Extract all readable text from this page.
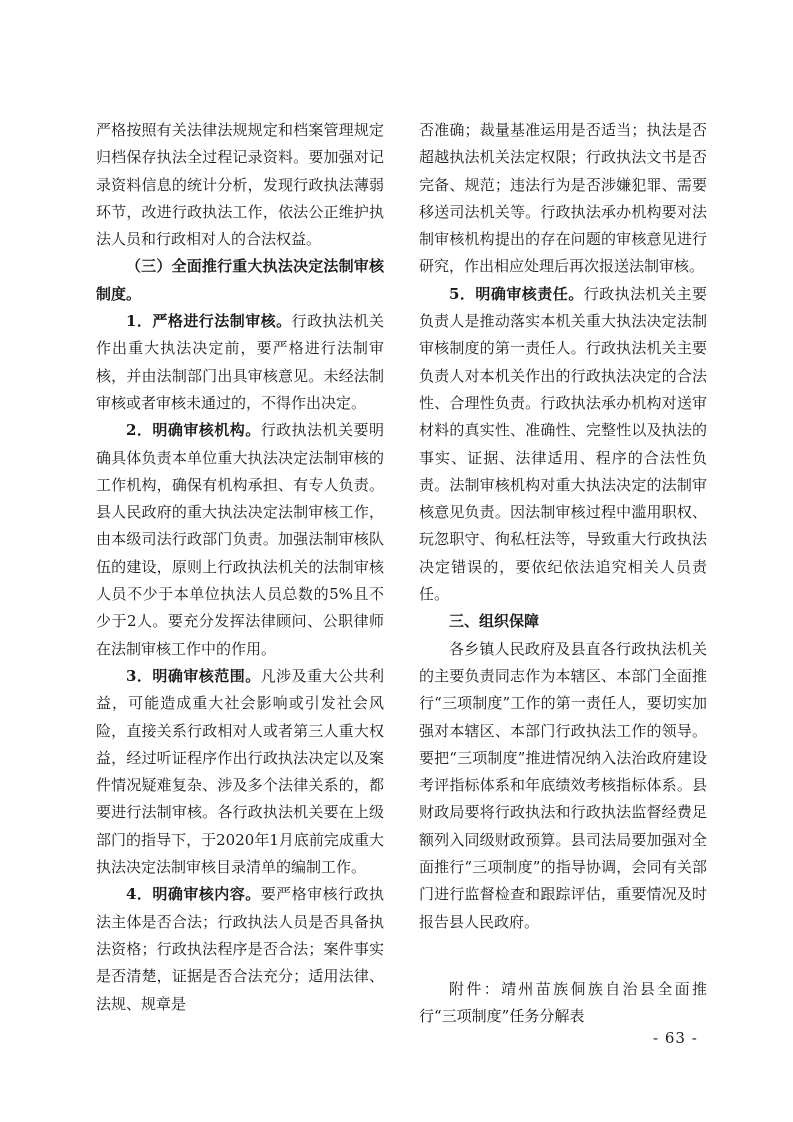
严格按照有关法律法规规定和档案管理规定归档保存执法全过程记录资料。要加强对记录资料信息的统计分析，发现行政执法薄弱环节，改进行政执法工作，依法公正维护执法人员和行政相对人的合法权益。

（三）全面推行重大执法决定法制审核制度。

1．严格进行法制审核。行政执法机关作出重大执法决定前，要严格进行法制审核，并由法制部门出具审核意见。未经法制审核或者审核未通过的，不得作出决定。

2．明确审核机构。行政执法机关要明确具体负责本单位重大执法决定法制审核的工作机构，确保有机构承担、有专人负责。县人民政府的重大执法决定法制审核工作，由本级司法行政部门负责。加强法制审核队伍的建设，原则上行政执法机关的法制审核人员不少于本单位执法人员总数的5%且不少于2人。要充分发挥法律顾问、公职律师在法制审核工作中的作用。

3．明确审核范围。凡涉及重大公共利益，可能造成重大社会影响或引发社会风险，直接关系行政相对人或者第三人重大权益，经过听证程序作出行政执法决定以及案件情况疑难复杂、涉及多个法律关系的，都要进行法制审核。各行政执法机关要在上级部门的指导下，于2020年1月底前完成重大执法决定法制审核目录清单的编制工作。

4．明确审核内容。要严格审核行政执法主体是否合法；行政执法人员是否具备执法资格；行政执法程序是否合法；案件事实是否清楚，证据是否合法充分；适用法律、法规、规章是

否准确；裁量基准运用是否适当；执法是否超越执法机关法定权限；行政执法文书是否完备、规范；违法行为是否涉嫌犯罪、需要移送司法机关等。行政执法承办机构要对法制审核机构提出的存在问题的审核意见进行研究，作出相应处理后再次报送法制审核。

5．明确审核责任。行政执法机关主要负责人是推动落实本机关重大执法决定法制审核制度的第一责任人。行政执法机关主要负责人对本机关作出的行政执法决定的合法性、合理性负责。行政执法承办机构对送审材料的真实性、准确性、完整性以及执法的事实、证据、法律适用、程序的合法性负责。法制审核机构对重大执法决定的法制审核意见负责。因法制审核过程中滥用职权、玩忽职守、徇私枉法等，导致重大行政执法决定错误的，要依纪依法追究相关人员责任。

三、组织保障

各乡镇人民政府及县直各行政执法机关的主要负责同志作为本辖区、本部门全面推行“三项制度”工作的第一责任人，要切实加强对本辖区、本部门行政执法工作的领导。要把“三项制度”推进情况纳入法治政府建设考评指标体系和年底绩效考核指标体系。县财政局要将行政执法和行政执法监督经费足额列入同级财政预算。县司法局要加强对全面推行“三项制度”的指导协调，会同有关部门进行监督检查和跟踪评估，重要情况及时报告县人民政府。

附件：靖州苗族侗族自治县全面推行“三项制度”任务分解表

- 63 -
